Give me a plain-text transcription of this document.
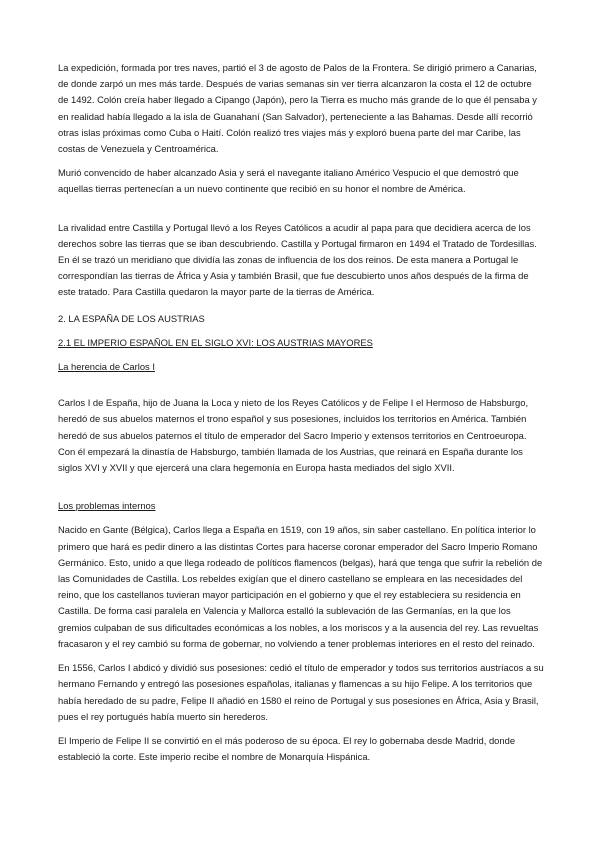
La expedición, formada por tres naves, partió el 3 de agosto de Palos de la Frontera. Se dirigió primero a Canarias, de donde zarpó un mes más tarde. Después de varias semanas sin ver tierra alcanzaron la costa el 12 de octubre de 1492. Colón creía haber llegado a Cipango (Japón), pero la Tierra es mucho más grande de lo que él pensaba y en realidad había llegado a la isla de Guanahaní (San Salvador), perteneciente a las Bahamas. Desde allí recorrió otras islas próximas como Cuba o Haití. Colón realizó tres viajes más y exploró buena parte del mar Caribe, las costas de Venezuela y Centroamérica.

Murió convencido de haber alcanzado Asia y será el navegante italiano Américo Vespucio el que demostró que aquellas tierras pertenecían a un nuevo continente que recibió en su honor el nombre de América.

La rivalidad entre Castilla y Portugal llevó a los Reyes Católicos a acudir al papa para que decidiera acerca de los derechos sobre las tierras que se iban descubriendo. Castilla y Portugal firmaron en 1494 el Tratado de Tordesillas. En él se trazó un meridiano que dividía las zonas de influencia de los dos reinos. De esta manera a Portugal le correspondían las tierras de África y Asia y también Brasil, que fue descubierto unos años después de la firma de este tratado. Para Castilla quedaron la mayor parte de la tierras de América.

2. LA ESPAÑA DE LOS AUSTRIAS

2.1 EL IMPERIO ESPAÑOL EN EL SIGLO XVI: LOS AUSTRIAS MAYORES

La herencia de Carlos I

Carlos I de España, hijo de Juana la Loca y nieto de los Reyes Católicos y de Felipe I el Hermoso de Habsburgo, heredó de sus abuelos maternos el trono español y sus posesiones, incluidos los territorios en América. También heredó de sus abuelos paternos el título de emperador del Sacro Imperio y extensos territorios en Centroeuropa. Con él empezará la dinastía de Habsburgo, también llamada de los Austrias, que reinará en España durante los siglos XVI y XVII y que ejercerá una clara hegemonía en Europa hasta mediados del siglo XVII.

Los problemas internos

Nacido en Gante (Bélgica), Carlos llega a España en 1519, con 19 años, sin saber castellano. En política interior lo primero que hará es pedir dinero a las distintas Cortes para hacerse coronar emperador del Sacro Imperio Romano Germánico. Esto, unido a que llega rodeado de políticos flamencos (belgas), hará que tenga que sufrir la rebelión de las Comunidades de Castilla. Los rebeldes exigían que el dinero castellano se empleara en las necesidades del reino, que los castellanos tuvieran mayor participación en el gobierno y que el rey estableciera su residencia en Castilla. De forma casi paralela en Valencia y Mallorca estalló la sublevación de las Germanías, en la que los gremios culpaban de sus dificultades económicas a los nobles, a los moriscos y a la ausencia del rey. Las revueltas fracasaron y el rey cambió su forma de gobernar, no volviendo a tener problemas interiores en el resto del reinado.

En 1556, Carlos I abdicó y dividió sus posesiones: cedió el título de emperador y todos sus territorios austríacos a su hermano Fernando y entregó las posesiones españolas, italianas y flamencas a su hijo Felipe. A los territorios que había heredado de su padre, Felipe II añadió en 1580 el reino de Portugal y sus posesiones en África, Asia y Brasil, pues el rey portugués había muerto sin herederos.

El Imperio de Felipe II se convirtió en el más poderoso de su época. El rey lo gobernaba desde Madrid, donde estableció la corte. Este imperio recibe el nombre de Monarquía Hispánica.
